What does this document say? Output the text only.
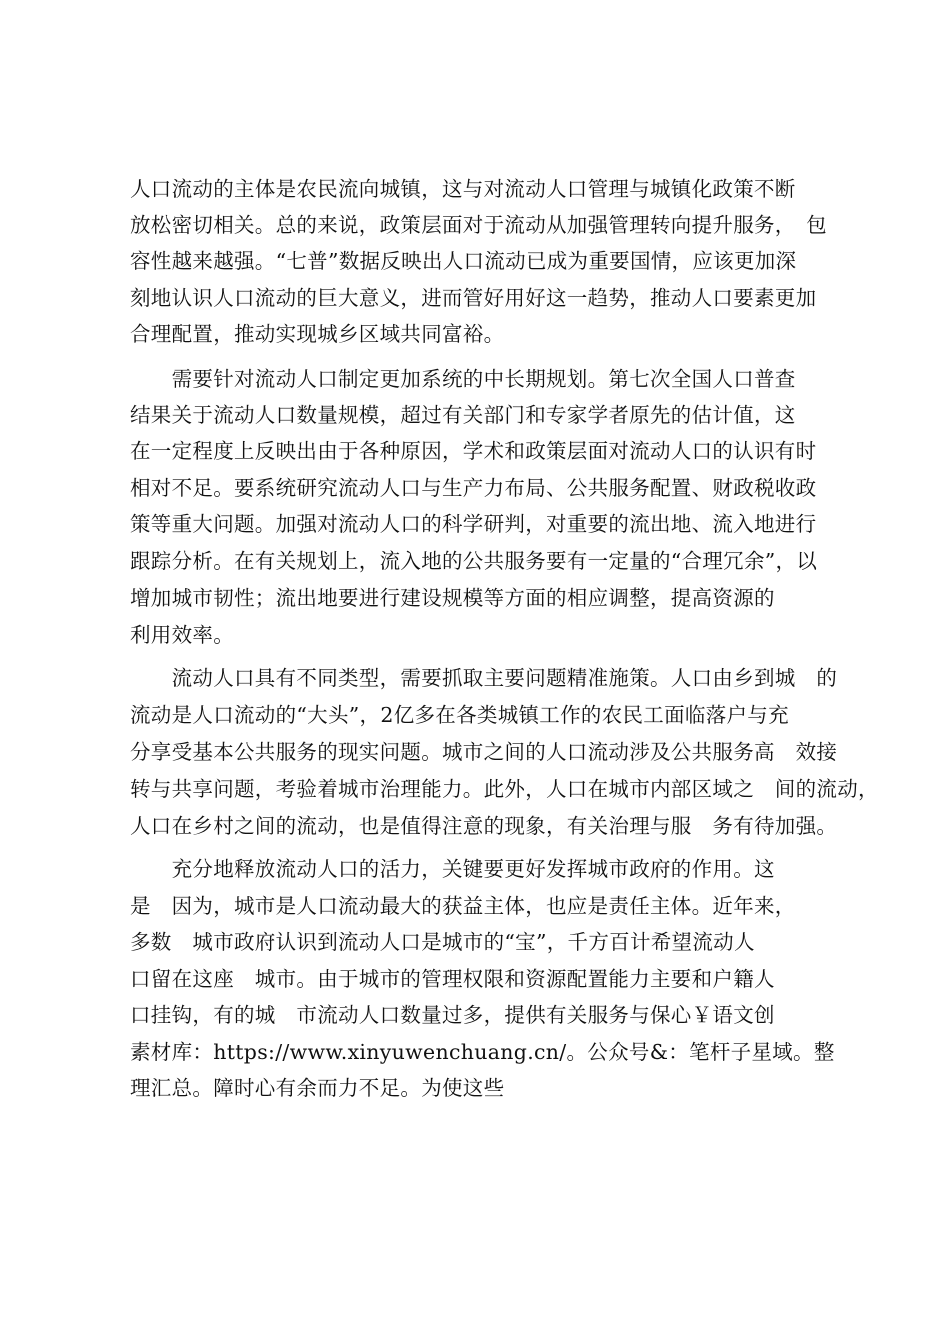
人口流动的主体是农民流向城镇，这与对流动人口管理与城镇化政策不断
放松密切相关。总的来说，政策层面对于流动从加强管理转向提升服务，　包
容性越来越强。“七普”数据反映出人口流动已成为重要国情，应该更加深
刻地认识人口流动的巨大意义，进而管好用好这一趋势，推动人口要素更加
合理配置，推动实现城乡区域共同富裕。
　　需要针对流动人口制定更加系统的中长期规划。第七次全国人口普查
结果关于流动人口数量规模，超过有关部门和专家学者原先的估计值，这
在一定程度上反映出由于各种原因，学术和政策层面对流动人口的认识有时
相对不足。要系统研究流动人口与生产力布局、公共服务配置、财政税收政
策等重大问题。加强对流动人口的科学研判，对重要的流出地、流入地进行
跟踪分析。在有关规划上，流入地的公共服务要有一定量的“合理冗余”，以
增加城市韧性；流出地要进行建设规模等方面的相应调整，提高资源的
利用效率。
　　流动人口具有不同类型，需要抓取主要问题精准施策。人口由乡到城　的
流动是人口流动的“大头”，2亿多在各类城镇工作的农民工面临落户与充
分享受基本公共服务的现实问题。城市之间的人口流动涉及公共服务高　效接
转与共享问题，考验着城市治理能力。此外，人口在城市内部区域之　间的流动，
人口在乡村之间的流动，也是值得注意的现象，有关治理与服　务有待加强。
　　充分地释放流动人口的活力，关键要更好发挥城市政府的作用。这
是　因为，城市是人口流动最大的获益主体，也应是责任主体。近年来，
多数　城市政府认识到流动人口是城市的“宝”，千方百计希望流动人
口留在这座　城市。由于城市的管理权限和资源配置能力主要和户籍人
口挂钩，有的城　市流动人口数量过多，提供有关服务与保心￥语文创
素材库：https://www.xinyuwenchuang.cn/。公众号&：笔杆子星域。整
理汇总。障时心有余而力不足。为使这些
